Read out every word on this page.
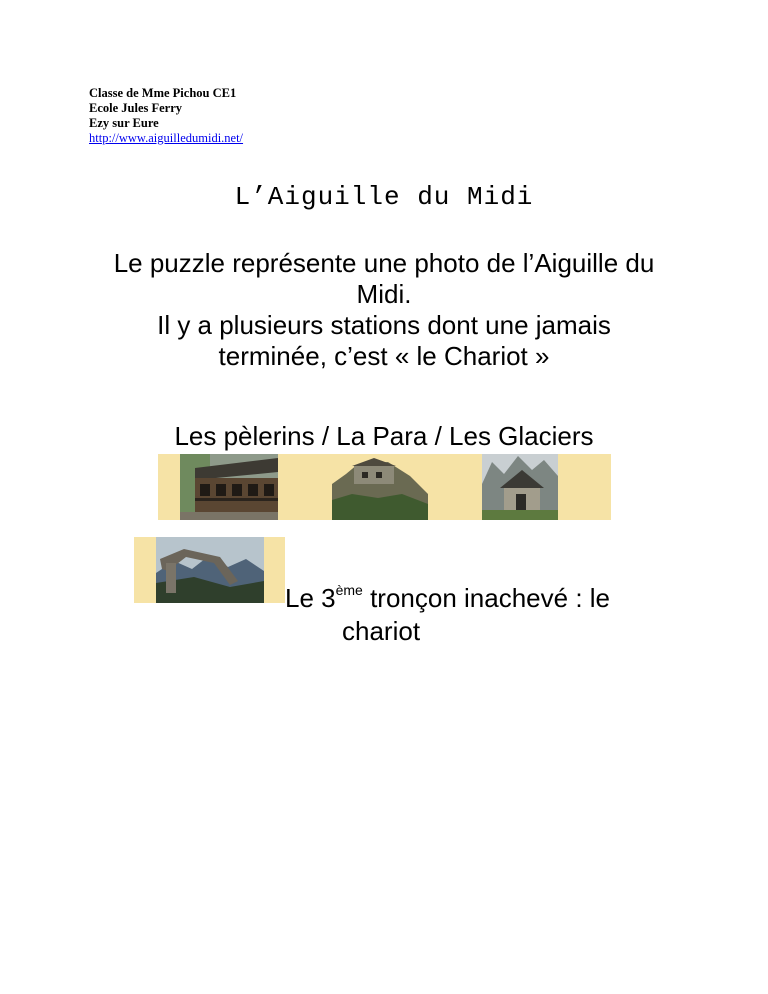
Classe de Mme Pichou CE1
Ecole Jules Ferry
Ezy sur Eure
http://www.aiguilledumidi.net/
L’Aiguille du Midi
Le puzzle représente une photo de l’Aiguille du
Midi.
Il y a plusieurs stations dont une jamais
terminée, c’est « le Chariot »
Les pèlerins / La Para / Les Glaciers
Le 3ème tronçon inachevé : le
chariot
